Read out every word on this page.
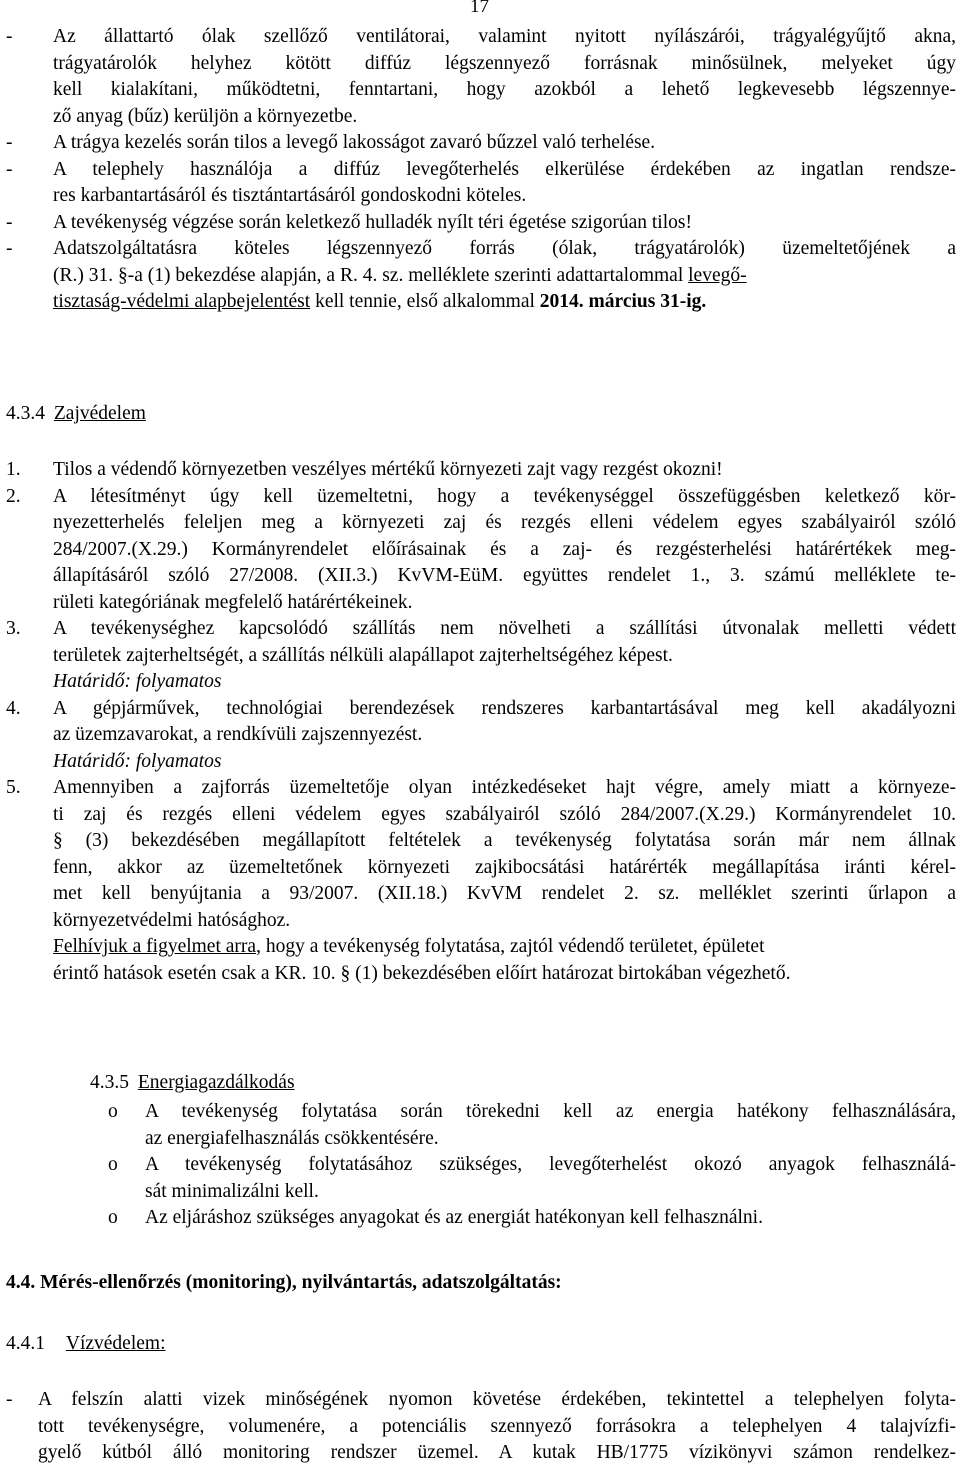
17
- Az állattartó ólak szellőző ventilátorai, valamint nyitott nyílászárói, trágyalégyűjtő akna,
trágyatárolók helyhez kötött diffúz légszennyező forrásnak minősülnek, melyeket úgy
kell kialakítani, működtetni, fenntartani, hogy azokból a lehető legkevesebb légszennye-
ző anyag (bűz) kerüljön a környezetbe.
- A trágya kezelés során tilos a levegő lakosságot zavaró bűzzel való terhelése.
- A telephely használója a diffúz levegőterhelés elkerülése érdekében az ingatlan rendsze-
res karbantartásáról és tisztántartásáról gondoskodni köteles.
- A tevékenység végzése során keletkező hulladék nyílt téri égetése szigorúan tilos!
- Adatszolgáltatásra köteles légszennyező forrás (ólak, trágyatárolók) üzemeltetőjének a
(R.) 31. §-a (1) bekezdése alapján, a R. 4. sz. melléklete szerinti adattartalommal levegő-
tisztaság-védelmi alapbejelentést kell tennie, első alkalommal 2014. március 31-ig.
4.3.4 Zajvédelem
1. Tilos a védendő környezetben veszélyes mértékű környezeti zajt vagy rezgést okozni!
2. A létesítményt úgy kell üzemeltetni, hogy a tevékenységgel összefüggésben keletkező kör-
nyezetterhelés feleljen meg a környezeti zaj és rezgés elleni védelem egyes szabályairól szóló
284/2007.(X.29.) Kormányrendelet előírásainak és a zaj- és rezgésterhelési határértékek meg-
állapításáról szóló 27/2008. (XII.3.) KvVM-EüM. együttes rendelet 1., 3. számú melléklete te-
rületi kategóriának megfelelő határértékeinek.
3. A tevékenységhez kapcsolódó szállítás nem növelheti a szállítási útvonalak melletti védett
területek zajterheltségét, a szállítás nélküli alapállapot zajterheltségéhez képest.
Határidő: folyamatos
4. A gépjárművek, technológiai berendezések rendszeres karbantartásával meg kell akadályozni
az üzemzavarokat, a rendkívüli zajszennyezést.
Határidő: folyamatos
5. Amennyiben a zajforrás üzemeltetője olyan intézkedéseket hajt végre, amely miatt a környeze-
ti zaj és rezgés elleni védelem egyes szabályairól szóló 284/2007.(X.29.) Kormányrendelet 10.
§ (3) bekezdésében megállapított feltételek a tevékenység folytatása során már nem állnak
fenn, akkor az üzemeltetőnek környezeti zajkibocsátási határérték megállapítása iránti kérel-
met kell benyújtania a 93/2007. (XII.18.) KvVM rendelet 2. sz. melléklet szerinti űrlapon a
környezetvédelmi hatósághoz.
Felhívjuk a figyelmet arra, hogy a tevékenység folytatása, zajtól védendő területet, épületet
érintő hatások esetén csak a KR. 10. § (1) bekezdésében előírt határozat birtokában végezhető.
4.3.5 Energiagazdálkodás
o A tevékenység folytatása során törekedni kell az energia hatékony felhasználására,
az energiafelhasználás csökkentésére.
o A tevékenység folytatásához szükséges, levegőterhelést okozó anyagok felhasználá-
sát minimalizálni kell.
o Az eljáráshoz szükséges anyagokat és az energiát hatékonyan kell felhasználni.
4.4. Mérés-ellenőrzés (monitoring), nyilvántartás, adatszolgáltatás:
4.4.1 Vízvédelem:
- A felszín alatti vizek minőségének nyomon követése érdekében, tekintettel a telephelyen folyta-
tott tevékenységre, volumenére, a potenciális szennyező forrásokra a telephelyen 4 talajvízfi-
gyelő kútból álló monitoring rendszer üzemel. A kutak HB/1775 vízikönyvi számon rendelkez-
